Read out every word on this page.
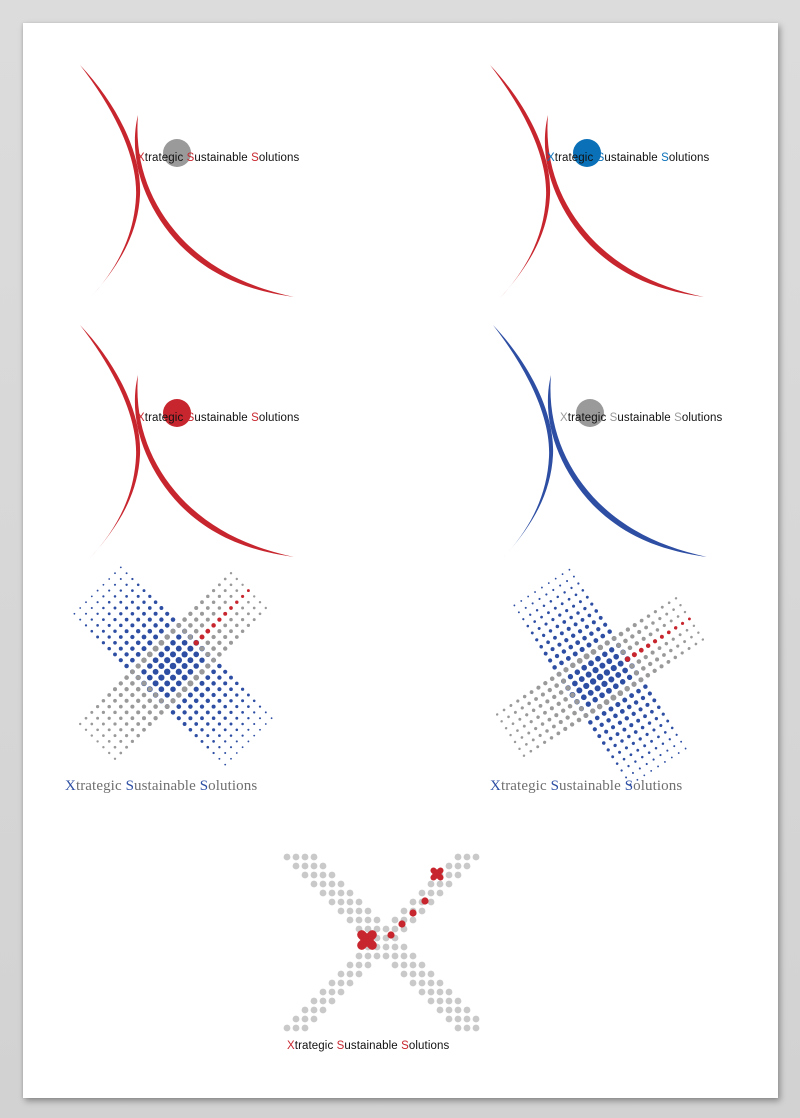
Xtrategic Sustainable Solutions	Xtrategic Sustainable Solutions
Xtrategic Sustainable Solutions	Xtrategic Sustainable Solutions
Xtrategic Sustainable Solutions	Xtrategic Sustainable Solutions
Xtrategic Sustainable Solutions
